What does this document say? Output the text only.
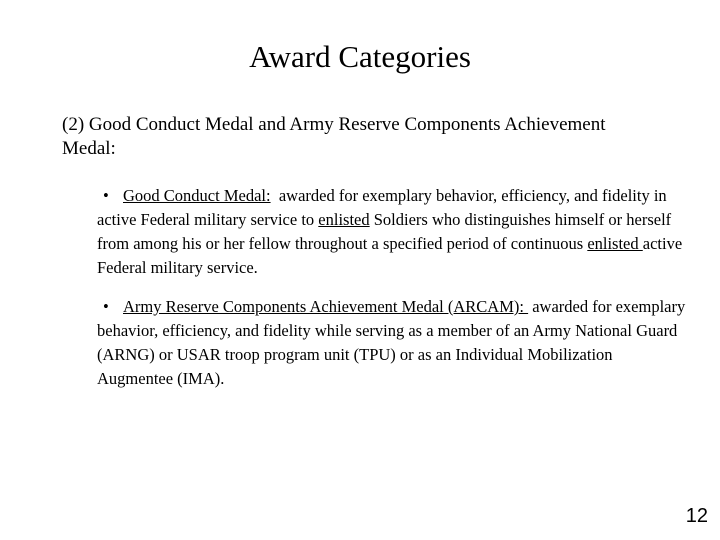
Award Categories
(2) Good Conduct Medal and Army Reserve Components Achievement Medal:
• Good Conduct Medal:  awarded for exemplary behavior, efficiency, and fidelity in active Federal military service to enlisted Soldiers who distinguishes himself or herself from among his or her fellow throughout a specified period of continuous enlisted active Federal military service.
• Army Reserve Components Achievement Medal (ARCAM):  awarded for exemplary behavior, efficiency, and fidelity while serving as a member of an Army National Guard (ARNG) or USAR troop program unit (TPU) or as an Individual Mobilization Augmentee (IMA).
12
